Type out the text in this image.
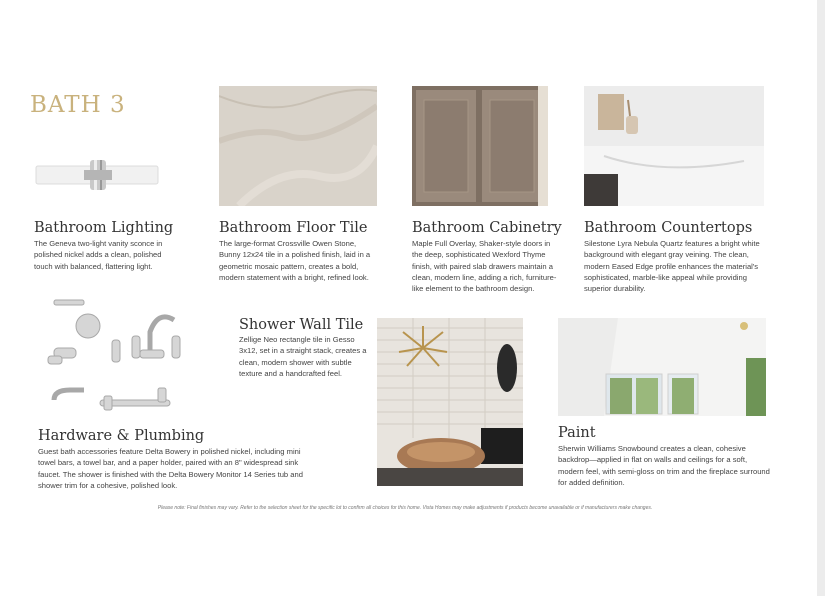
BATH 3
Bathroom Lighting
The Geneva two-light vanity sconce in polished nickel adds a clean, polished touch with balanced, flattering light.
Bathroom Floor Tile
The large-format Crossville Owen Stone, Bunny 12x24 tile in a polished finish, laid in a geometric mosaic pattern, creates a bold, modern statement with a bright, refined look.
Bathroom Cabinetry
Maple Full Overlay, Shaker-style doors in the deep, sophisticated Wexford Thyme finish, with paired slab drawers maintain a clean, modern line, adding a rich, furniture-like element to the bathroom design.
Bathroom Countertops
Silestone Lyra Nebula Quartz features a bright white background with elegant gray veining. The clean, modern Eased Edge profile enhances the material's sophisticated, marble-like appeal while providing superior durability.
Hardware & Plumbing
Guest bath accessories feature Delta Bowery in polished nickel, including mini towel bars, a towel bar, and a paper holder, paired with an 8" widespread sink faucet. The shower is finished with the Delta Bowery Monitor 14 Series tub and shower trim for a cohesive, polished look.
Shower Wall Tile
Zellige Neo rectangle tile in Gesso 3x12, set in a straight stack, creates a clean, modern shower with subtle texture and a handcrafted feel.
Paint
Sherwin Williams Snowbound creates a clean, cohesive backdrop—applied in flat on walls and ceilings for a soft, modern feel, with semi-gloss on trim and the fireplace surround for added definition.
Please note: Final finishes may vary. Refer to the selection sheet for the specific lot to confirm all choices for this home. Vista Homes may make adjustments if products become unavailable or if manufacturers make changes.
